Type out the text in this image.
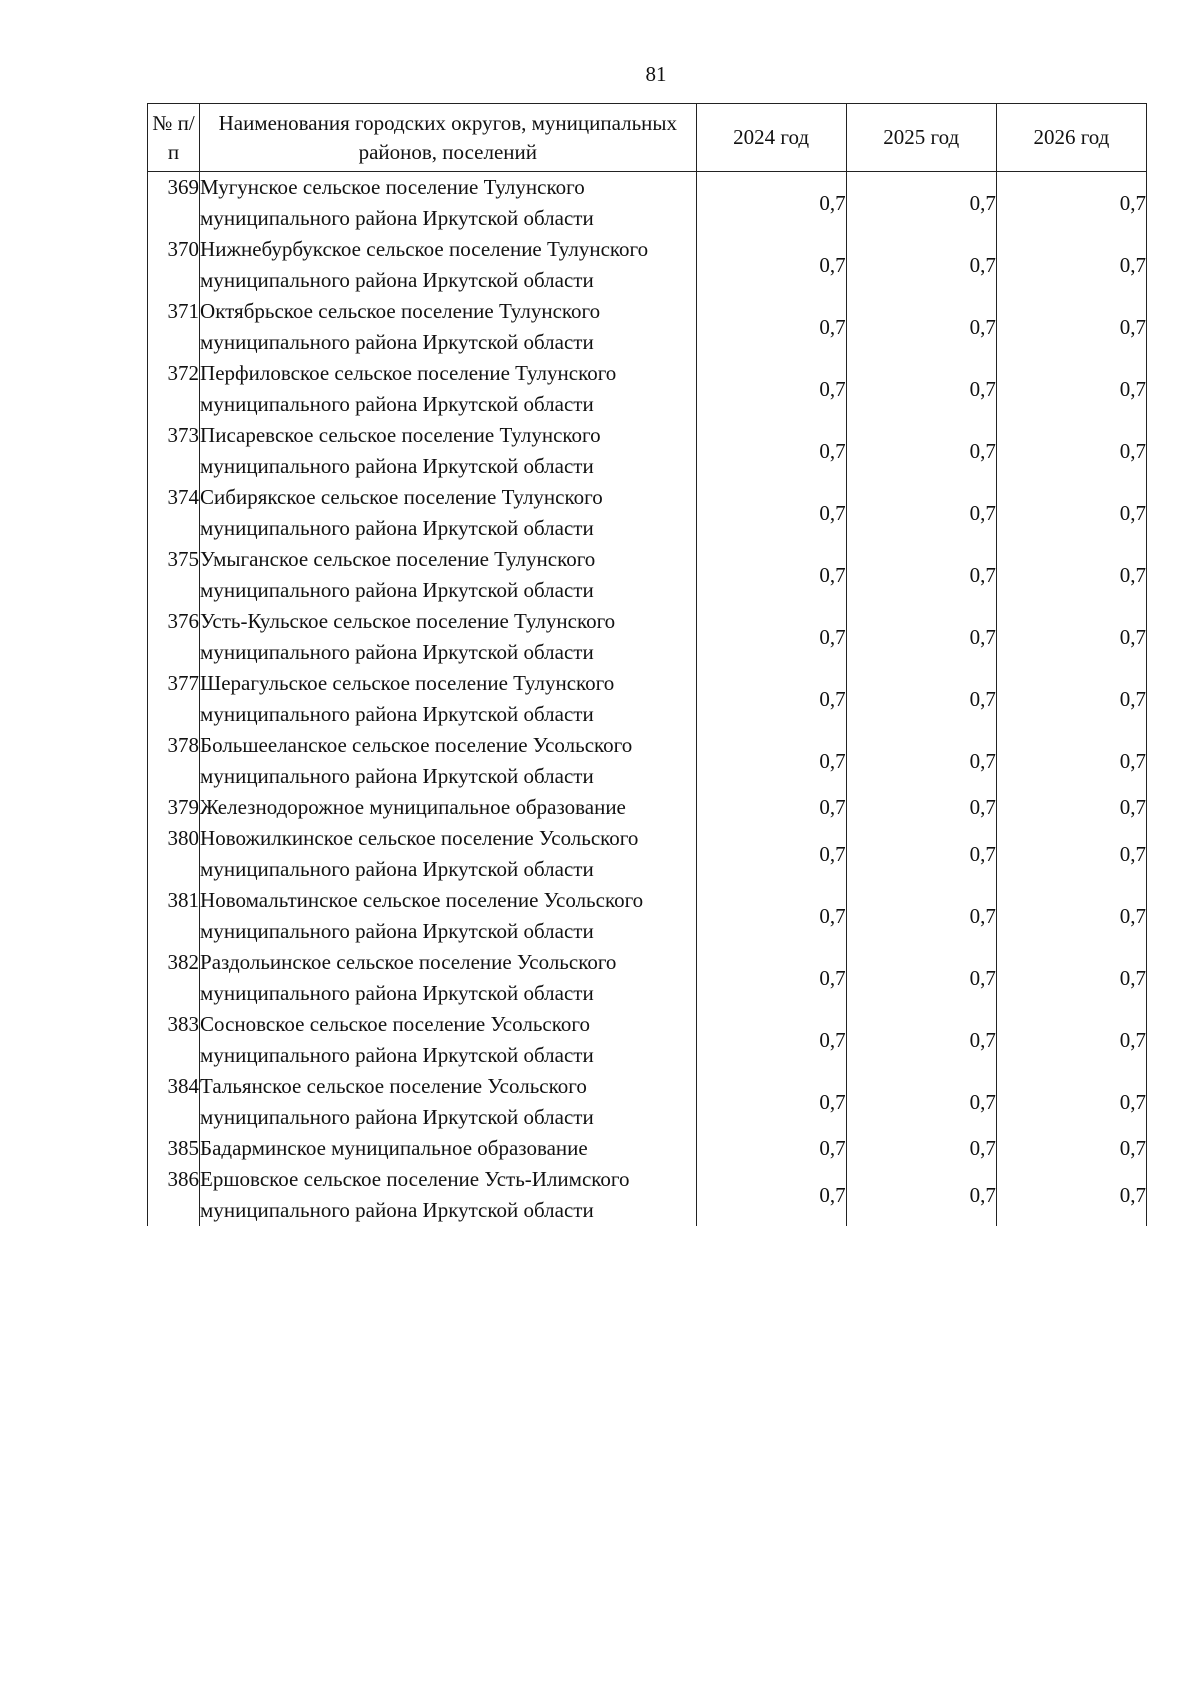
81
№ п/п	Наименования городских округов, муниципальных районов, поселений	2024 год	2025 год	2026 год
369	Мугунское сельское поселение Тулунского муниципального района Иркутской области	0,7	0,7	0,7
370	Нижнебурбукское сельское поселение Тулунского муниципального района Иркутской области	0,7	0,7	0,7
371	Октябрьское сельское поселение Тулунского муниципального района Иркутской области	0,7	0,7	0,7
372	Перфиловское сельское поселение Тулунского муниципального района Иркутской области	0,7	0,7	0,7
373	Писаревское сельское поселение Тулунского муниципального района Иркутской области	0,7	0,7	0,7
374	Сибирякское сельское поселение Тулунского муниципального района Иркутской области	0,7	0,7	0,7
375	Умыганское сельское поселение Тулунского муниципального района Иркутской области	0,7	0,7	0,7
376	Усть-Кульское сельское поселение Тулунского муниципального района Иркутской области	0,7	0,7	0,7
377	Шерагульское сельское поселение Тулунского муниципального района Иркутской области	0,7	0,7	0,7
378	Большееланское сельское поселение Усольского муниципального района Иркутской области	0,7	0,7	0,7
379	Железнодорожное муниципальное образование	0,7	0,7	0,7
380	Новожилкинское сельское поселение Усольского муниципального района Иркутской области	0,7	0,7	0,7
381	Новомальтинское сельское поселение Усольского муниципального района Иркутской области	0,7	0,7	0,7
382	Раздольинское сельское поселение Усольского муниципального района Иркутской области	0,7	0,7	0,7
383	Сосновское сельское поселение Усольского муниципального района Иркутской области	0,7	0,7	0,7
384	Тальянское сельское поселение Усольского муниципального района Иркутской области	0,7	0,7	0,7
385	Бадарминское муниципальное образование	0,7	0,7	0,7
386	Ершовское сельское поселение Усть-Илимского муниципального района Иркутской области	0,7	0,7	0,7
